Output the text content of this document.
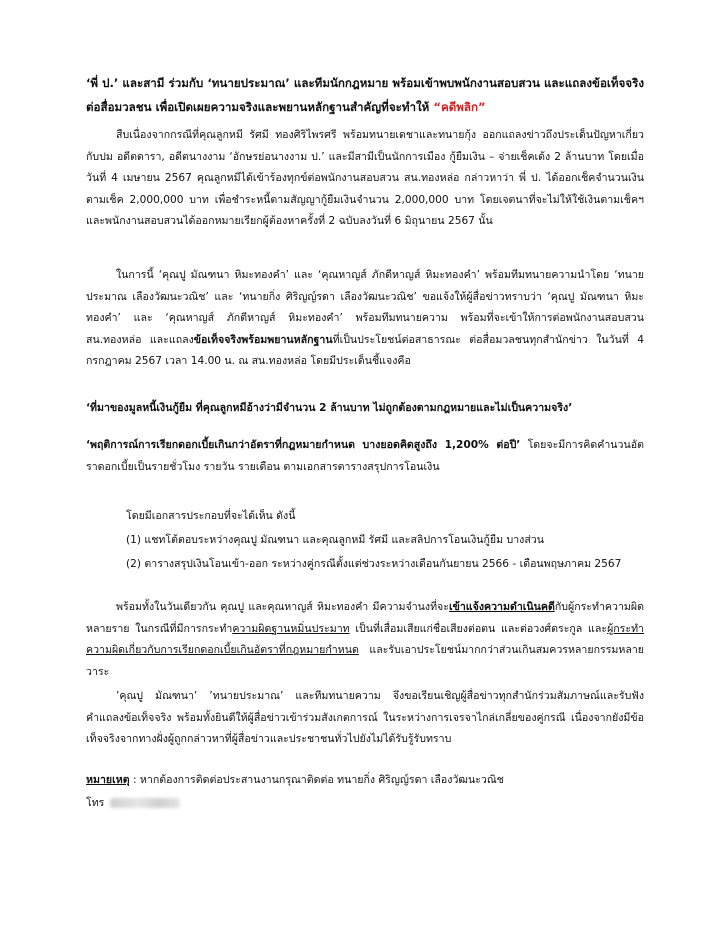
‘พี่ ป.’ และสามี ร่วมกับ ‘ทนายประมาณ’ และทีมนักกฎหมาย พร้อมเข้าพบพนักงานสอบสวน และแถลงข้อเท็จจริงต่อสื่อมวลชน เพื่อเปิดเผยความจริงและพยานหลักฐานสำคัญที่จะทำให้ “คดีพลิก”

สืบเนื่องจากกรณีที่คุณลูกหมี รัศมี ทองศิริไพรศรี พร้อมทนายเดชาและทนายกุ้ง ออกแถลงข่าวถึงประเด็นปัญหาเกี่ยวกับปม อดีตดารา, อดีตนางงาม ‘อักษรย่อนางงาม ป.’ และมีสามีเป็นนักการเมือง กู้ยืมเงิน – จ่ายเช็คเด้ง 2 ล้านบาท โดยเมื่อวันที่ 4 เมษายน 2567 คุณลูกหมีได้เข้าร้องทุกข์ต่อพนักงานสอบสวน สน.ทองหล่อ กล่าวหาว่า พี่ ป. ได้ออกเช็คจำนวนเงินตามเช็ค 2,000,000 บาท เพื่อชำระหนี้ตามสัญญากู้ยืมเงินจำนวน 2,000,000 บาท โดยเจตนาที่จะไม่ให้ใช้เงินตามเช็คฯ และพนักงานสอบสวนได้ออกหมายเรียกผู้ต้องหาครั้งที่ 2 ฉบับลงวันที่ 6 มิถุนายน 2567 นั้น

ในการนี้ ‘คุณปู มัณฑนา หิมะทองคำ’ และ ‘คุณหาญส์ ภักดีหาญส์ หิมะทองคำ’ พร้อมทีมทนายความนำโดย ‘ทนายประมาณ เลืองวัฒนะวณิช’ และ ‘ทนายกิ่ง ศิริญญ์รดา เลืองวัฒนะวณิช’ ขอแจ้งให้ผู้สื่อข่าวทราบว่า ‘คุณปู มัณฑนา หิมะทองคำ’ และ ‘คุณหาญส์ ภักดีหาญส์ หิมะทองคำ’ พร้อมทีมทนายความ พร้อมที่จะเข้าให้การต่อพนักงานสอบสวน สน.ทองหล่อ และแถลงข้อเท็จจริงพร้อมพยานหลักฐานที่เป็นประโยชน์ต่อสาธารณะ ต่อสื่อมวลชนทุกสำนักข่าว ในวันที่ 4 กรกฎาคม 2567 เวลา 14.00 น. ณ สน.ทองหล่อ โดยมีประเด็นชี้แจงคือ

‘ที่มาของมูลหนี้เงินกู้ยืม ที่คุณลูกหมีอ้างว่ามีจำนวน 2 ล้านบาท ไม่ถูกต้องตามกฎหมายและไม่เป็นความจริง’

‘พฤติการณ์การเรียกดอกเบี้ยเกินกว่าอัตราที่กฎหมายกำหนด บางยอดคิดสูงถึง 1,200% ต่อปี’ โดยจะมีการคิดคำนวนอัตราดอกเบี้ยเป็นรายชั่วโมง รายวัน รายเดือน ตามเอกสารตารางสรุปการโอนเงิน

โดยมีเอกสารประกอบที่จะได้เห็น ดังนี้

(1) แชทโต้ตอบระหว่างคุณปู มัณฑนา และคุณลูกหมี รัศมี และสลิปการโอนเงินกู้ยืม บางส่วน

(2) ตารางสรุปเงินโอนเข้า-ออก ระหว่างคู่กรณีตั้งแต่ช่วงระหว่างเดือนกันยายน 2566 - เดือนพฤษภาคม 2567

พร้อมทั้งในวันเดียวกัน คุณปู และคุณหาญส์ หิมะทองคำ มีความจำนงที่จะเข้าแจ้งความดำเนินคดีกับผู้กระทำความผิดหลายราย ในกรณีที่มีการกระทำความผิดฐานหมิ่นประมาท เป็นที่เสื่อมเสียแก่ชื่อเสียงต่อตน และต่อวงศ์ตระกูล และผู้กระทำความผิดเกี่ยวกับการเรียกดอกเบี้ยเกินอัตราที่กฎหมายกำหนด และรับเอาประโยชน์มากกว่าส่วนเกินสมควรหลายกรรมหลายวาระ

’คุณปู มัณฑนา’ ’ทนายประมาณ’ และทีมทนายความ จึงขอเรียนเชิญผู้สื่อข่าวทุกสำนักร่วมสัมภาษณ์และรับฟังคำแถลงข้อเท็จจริง พร้อมทั้งยินดีให้ผู้สื่อข่าวเข้าร่วมสังเกตการณ์ ในระหว่างการเจรจาไกล่เกลี่ยของคู่กรณี เนื่องจากยังมีข้อเท็จจริงจากทางฝั่งผู้ถูกกล่าวหาที่ผู้สื่อข่าวและประชาชนทั่วไปยังไม่ได้รับรู้รับทราบ

หมายเหตุ : หากต้องการติดต่อประสานงานกรุณาติดต่อ ทนายกิ่ง ศิริญญ์รดา เลืองวัฒนะวณิช

โทร
